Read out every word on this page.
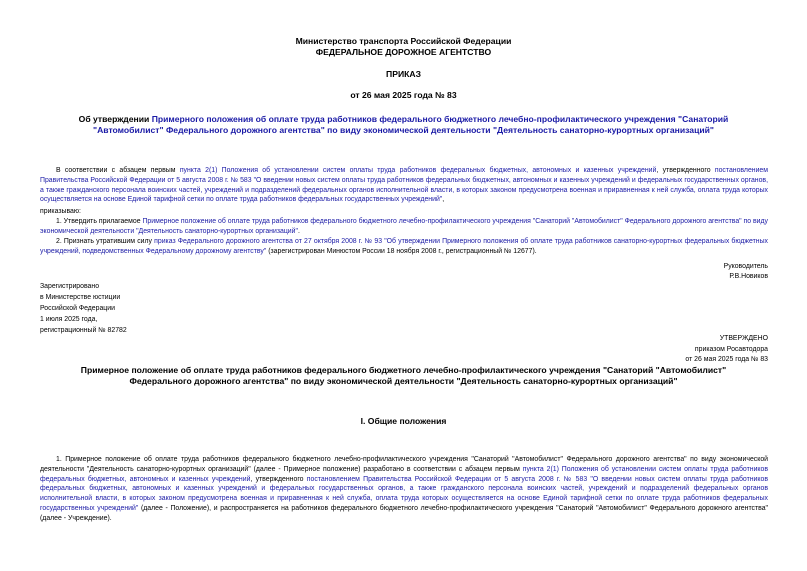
Министерство транспорта Российской Федерации
ФЕДЕРАЛЬНОЕ ДОРОЖНОЕ АГЕНТСТВО
ПРИКАЗ
от 26 мая 2025 года № 83
Об утверждении Примерного положения об оплате труда работников федерального бюджетного лечебно-профилактического учреждения "Санаторий "Автомобилист" Федерального дорожного агентства" по виду экономической деятельности "Деятельность санаторно-курортных организаций"
В соответствии с абзацем первым пункта 2(1) Положения об установлении систем оплаты труда работников федеральных бюджетных, автономных и казенных учреждений, утвержденного постановлением Правительства Российской Федерации от 5 августа 2008 г. № 583 "О введении новых систем оплаты труда работников федеральных бюджетных, автономных и казенных учреждений и федеральных государственных органов, а также гражданского персонала воинских частей, учреждений и подразделений федеральных органов исполнительной власти, в которых законом предусмотрена военная и приравненная к ней служба, оплата труда которых осуществляется на основе Единой тарифной сетки по оплате труда работников федеральных государственных учреждений",
приказываю:
1. Утвердить прилагаемое Примерное положение об оплате труда работников федерального бюджетного лечебно-профилактического учреждения "Санаторий "Автомобилист" Федерального дорожного агентства" по виду экономической деятельности "Деятельность санаторно-курортных организаций".
2. Признать утратившим силу приказ Федерального дорожного агентства от 27 октября 2008 г. № 93 "Об утверждении Примерного положения об оплате труда работников санаторно-курортных федеральных бюджетных учреждений, подведомственных Федеральному дорожному агентству" (зарегистрирован Минюстом России 18 ноября 2008 г., регистрационный № 12677).
Руководитель
Р.В.Новиков
Зарегистрировано
в Министерстве юстиции
Российской Федерации
1 июля 2025 года,
регистрационный № 82782
УТВЕРЖДЕНО
приказом Росавтодора
от 26 мая 2025 года № 83
Примерное положение об оплате труда работников федерального бюджетного лечебно-профилактического учреждения "Санаторий "Автомобилист" Федерального дорожного агентства" по виду экономической деятельности "Деятельность санаторно-курортных организаций"
I. Общие положения
1. Примерное положение об оплате труда работников федерального бюджетного лечебно-профилактического учреждения "Санаторий "Автомобилист" Федерального дорожного агентства" по виду экономической деятельности "Деятельность санаторно-курортных организаций" (далее - Примерное положение) разработано в соответствии с абзацем первым пункта 2(1) Положения об установлении систем оплаты труда работников федеральных бюджетных, автономных и казенных учреждений, утвержденного постановлением Правительства Российской Федерации от 5 августа 2008 г. № 583 "О введении новых систем оплаты труда работников федеральных бюджетных, автономных и казенных учреждений и федеральных государственных органов, а также гражданского персонала воинских частей, учреждений и подразделений федеральных органов исполнительной власти, в которых законом предусмотрена военная и приравненная к ней служба, оплата труда которых осуществляется на основе Единой тарифной сетки по оплате труда работников федеральных государственных учреждений" (далее - Положение), и распространяется на работников федерального бюджетного лечебно-профилактического учреждения "Санаторий "Автомобилист" Федерального дорожного агентства" (далее - Учреждение).
